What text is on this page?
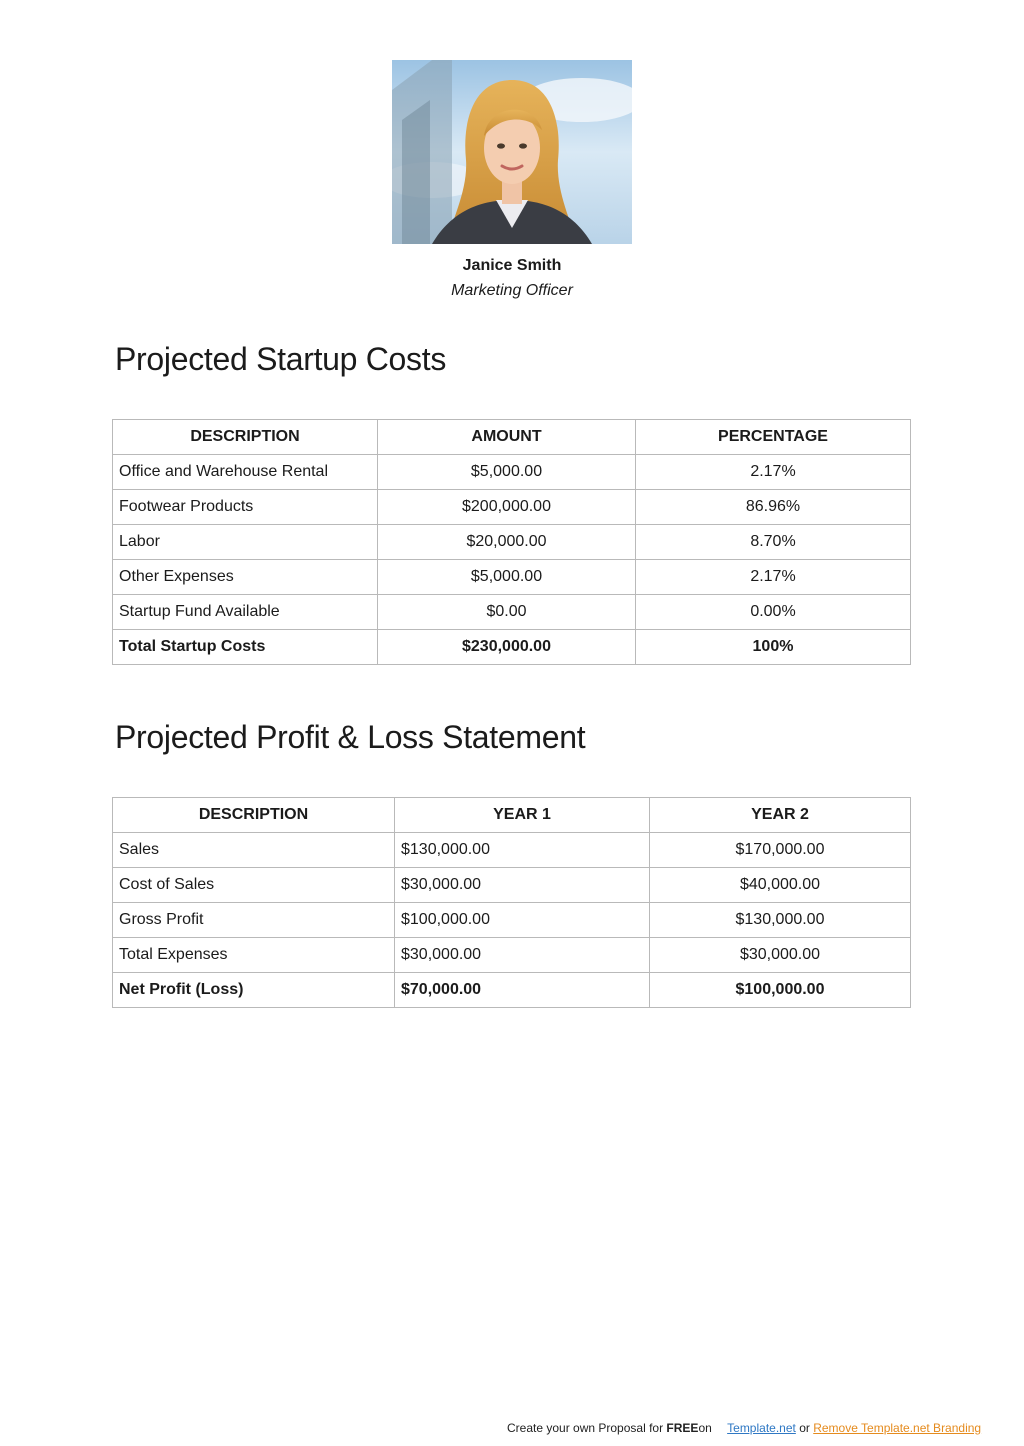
Janice Smith
Marketing Officer
Projected Startup Costs
DESCRIPTION	AMOUNT	PERCENTAGE
Office and Warehouse Rental	$5,000.00	2.17%
Footwear Products	$200,000.00	86.96%
Labor	$20,000.00	8.70%
Other Expenses	$5,000.00	2.17%
Startup Fund Available	$0.00	0.00%
Total Startup Costs	$230,000.00	100%
Projected Profit & Loss Statement
DESCRIPTION	YEAR 1	YEAR 2
Sales	$130,000.00	$170,000.00
Cost of Sales	$30,000.00	$40,000.00
Gross Profit	$100,000.00	$130,000.00
Total Expenses	$30,000.00	$30,000.00
Net Profit (Loss)	$70,000.00	$100,000.00
Create your own Proposal for FREEon Template.net or Remove Template.net Branding
